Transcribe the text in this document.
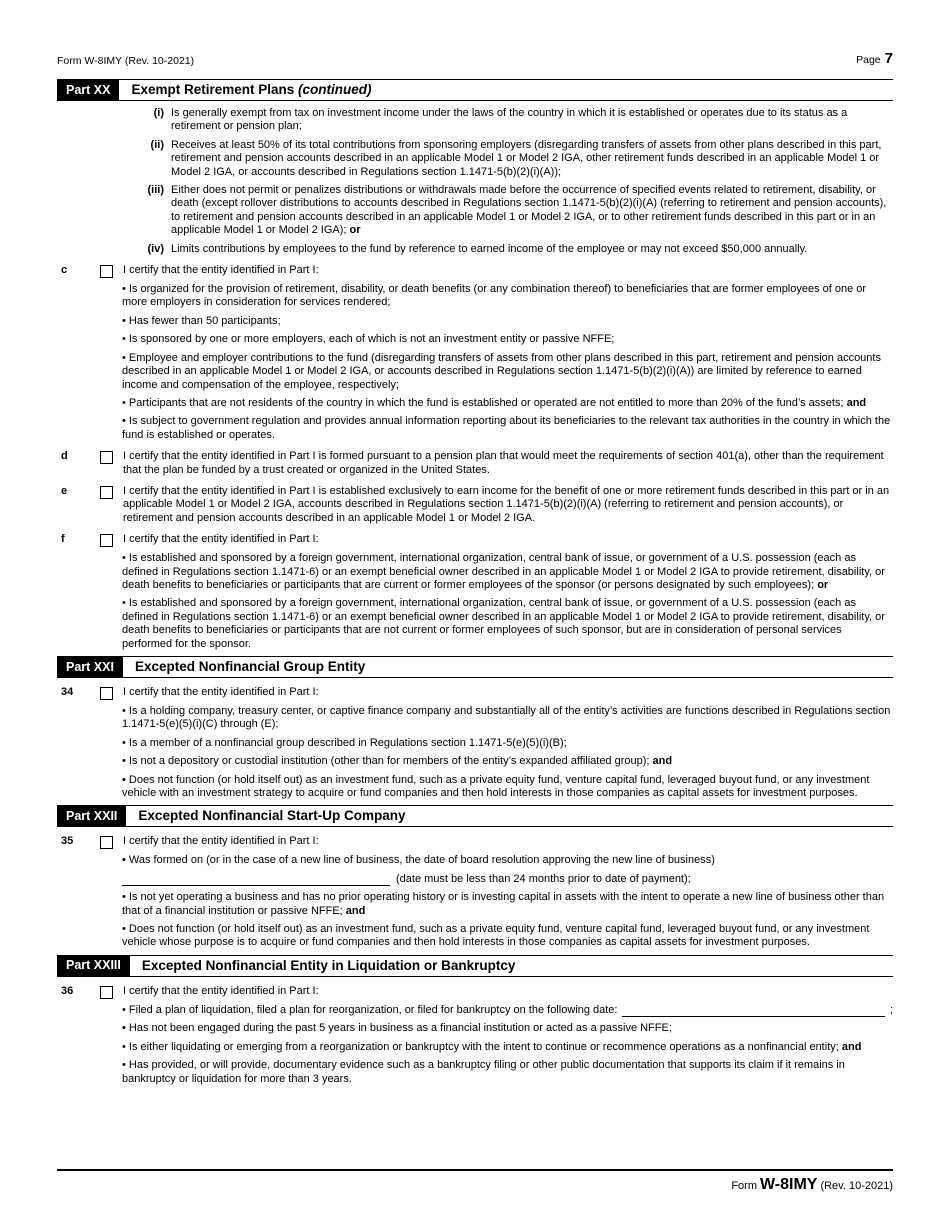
Form W-8IMY (Rev. 10-2021)	Page 7
Part XX	Exempt Retirement Plans (continued)
(i) Is generally exempt from tax on investment income under the laws of the country in which it is established or operates due to its status as a retirement or pension plan;
(ii) Receives at least 50% of its total contributions from sponsoring employers (disregarding transfers of assets from other plans described in this part, retirement and pension accounts described in an applicable Model 1 or Model 2 IGA, other retirement funds described in an applicable Model 1 or Model 2 IGA, or accounts described in Regulations section 1.1471-5(b)(2)(i)(A));
(iii) Either does not permit or penalizes distributions or withdrawals made before the occurrence of specified events related to retirement, disability, or death (except rollover distributions to accounts described in Regulations section 1.1471-5(b)(2)(i)(A) (referring to retirement and pension accounts), to retirement and pension accounts described in an applicable Model 1 or Model 2 IGA, or to other retirement funds described in this part or in an applicable Model 1 or Model 2 IGA); or
(iv) Limits contributions by employees to the fund by reference to earned income of the employee or may not exceed $50,000 annually.
c	I certify that the entity identified in Part I:
• Is organized for the provision of retirement, disability, or death benefits (or any combination thereof) to beneficiaries that are former employees of one or more employers in consideration for services rendered;
• Has fewer than 50 participants;
• Is sponsored by one or more employers, each of which is not an investment entity or passive NFFE;
• Employee and employer contributions to the fund (disregarding transfers of assets from other plans described in this part, retirement and pension accounts described in an applicable Model 1 or Model 2 IGA, or accounts described in Regulations section 1.1471-5(b)(2)(i)(A)) are limited by reference to earned income and compensation of the employee, respectively;
• Participants that are not residents of the country in which the fund is established or operated are not entitled to more than 20% of the fund’s assets; and
• Is subject to government regulation and provides annual information reporting about its beneficiaries to the relevant tax authorities in the country in which the fund is established or operates.
d	I certify that the entity identified in Part I is formed pursuant to a pension plan that would meet the requirements of section 401(a), other than the requirement that the plan be funded by a trust created or organized in the United States.
e	I certify that the entity identified in Part I is established exclusively to earn income for the benefit of one or more retirement funds described in this part or in an applicable Model 1 or Model 2 IGA, accounts described in Regulations section 1.1471-5(b)(2)(i)(A) (referring to retirement and pension accounts), or retirement and pension accounts described in an applicable Model 1 or Model 2 IGA.
f	I certify that the entity identified in Part I:
• Is established and sponsored by a foreign government, international organization, central bank of issue, or government of a U.S. possession (each as defined in Regulations section 1.1471-6) or an exempt beneficial owner described in an applicable Model 1 or Model 2 IGA to provide retirement, disability, or death benefits to beneficiaries or participants that are current or former employees of the sponsor (or persons designated by such employees); or
• Is established and sponsored by a foreign government, international organization, central bank of issue, or government of a U.S. possession (each as defined in Regulations section 1.1471-6) or an exempt beneficial owner described in an applicable Model 1 or Model 2 IGA to provide retirement, disability, or death benefits to beneficiaries or participants that are not current or former employees of such sponsor, but are in consideration of personal services performed for the sponsor.
Part XXI	Excepted Nonfinancial Group Entity
34	I certify that the entity identified in Part I:
• Is a holding company, treasury center, or captive finance company and substantially all of the entity’s activities are functions described in Regulations section 1.1471-5(e)(5)(i)(C) through (E);
• Is a member of a nonfinancial group described in Regulations section 1.1471-5(e)(5)(i)(B);
• Is not a depository or custodial institution (other than for members of the entity’s expanded affiliated group); and
• Does not function (or hold itself out) as an investment fund, such as a private equity fund, venture capital fund, leveraged buyout fund, or any investment vehicle with an investment strategy to acquire or fund companies and then hold interests in those companies as capital assets for investment purposes.
Part XXII	Excepted Nonfinancial Start-Up Company
35	I certify that the entity identified in Part I:
• Was formed on (or in the case of a new line of business, the date of board resolution approving the new line of business)
(date must be less than 24 months prior to date of payment);
• Is not yet operating a business and has no prior operating history or is investing capital in assets with the intent to operate a new line of business other than that of a financial institution or passive NFFE; and
• Does not function (or hold itself out) as an investment fund, such as a private equity fund, venture capital fund, leveraged buyout fund, or any investment vehicle whose purpose is to acquire or fund companies and then hold interests in those companies as capital assets for investment purposes.
Part XXIII	Excepted Nonfinancial Entity in Liquidation or Bankruptcy
36	I certify that the entity identified in Part I:
• Filed a plan of liquidation, filed a plan for reorganization, or filed for bankruptcy on the following date:	;
• Has not been engaged during the past 5 years in business as a financial institution or acted as a passive NFFE;
• Is either liquidating or emerging from a reorganization or bankruptcy with the intent to continue or recommence operations as a nonfinancial entity; and
• Has provided, or will provide, documentary evidence such as a bankruptcy filing or other public documentation that supports its claim if it remains in bankruptcy or liquidation for more than 3 years.
Form W-8IMY (Rev. 10-2021)
